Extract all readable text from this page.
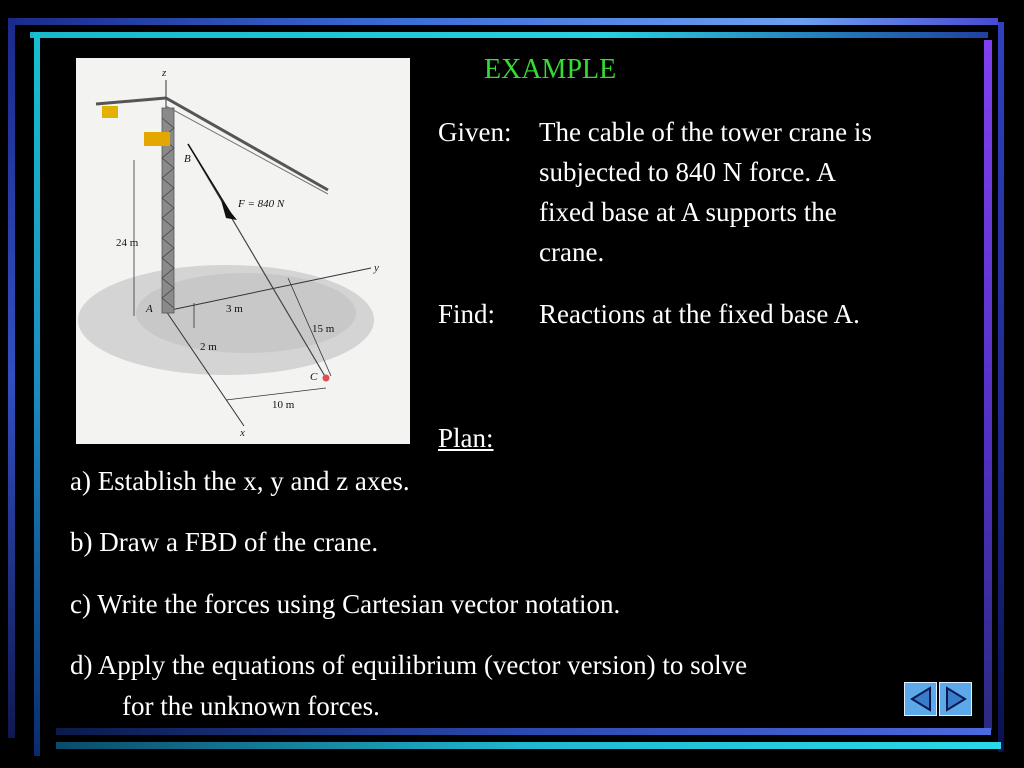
z
y
x
F = 840 N
B
24 m
A	3 m
2 m
15 m
C
10 m
EXAMPLE
Given: The cable of the tower crane is
subjected to 840 N force. A
fixed base at A supports the
crane.
Find: Reactions at the fixed base A.
Plan:
a) Establish the x, y and z axes.
b) Draw a FBD of the crane.
c) Write the forces using Cartesian vector notation.
d) Apply the equations of equilibrium (vector version) to solve
for the unknown forces.
